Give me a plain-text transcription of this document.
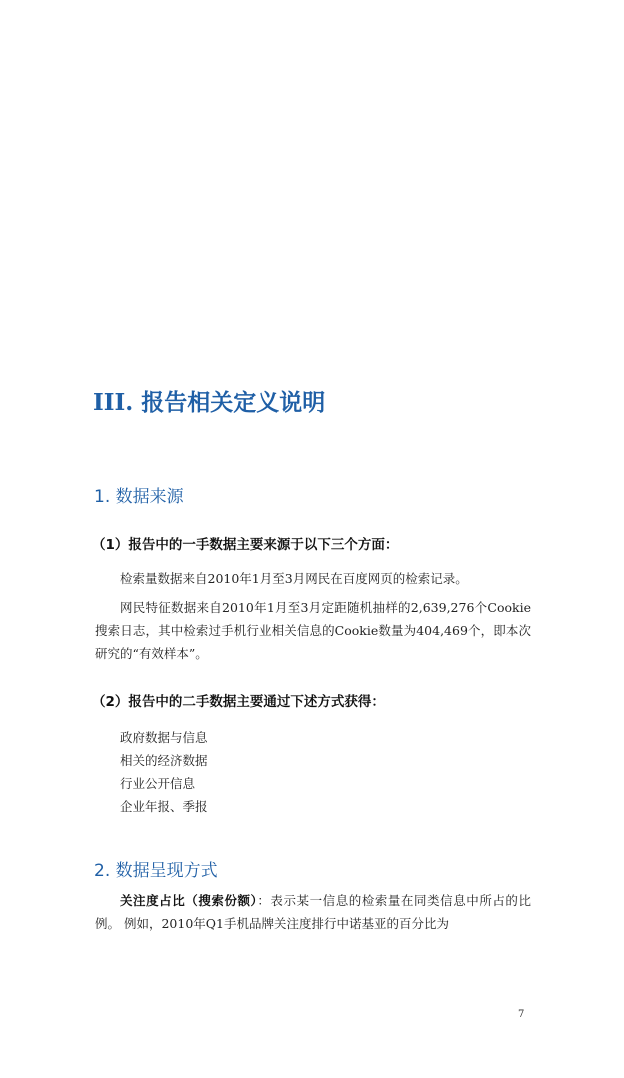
III. 报告相关定义说明
1. 数据来源
（1）报告中的一手数据主要来源于以下三个方面：

检索量数据来自2010年1月至3月网民在百度网页的检索记录。

网民特征数据来自2010年1月至3月定距随机抽样的2,639,276个Cookie搜索日志，其中检索过手机行业相关信息的Cookie数量为404,469个，即本次研究的“有效样本”。

（2）报告中的二手数据主要通过下述方式获得：
政府数据与信息
相关的经济数据
行业公开信息
企业年报、季报
2. 数据呈现方式

关注度占比（搜索份额）：表示某一信息的检索量在同类信息中所占的比例。 例如，2010年Q1手机品牌关注度排行中诺基亚的百分比为

7
